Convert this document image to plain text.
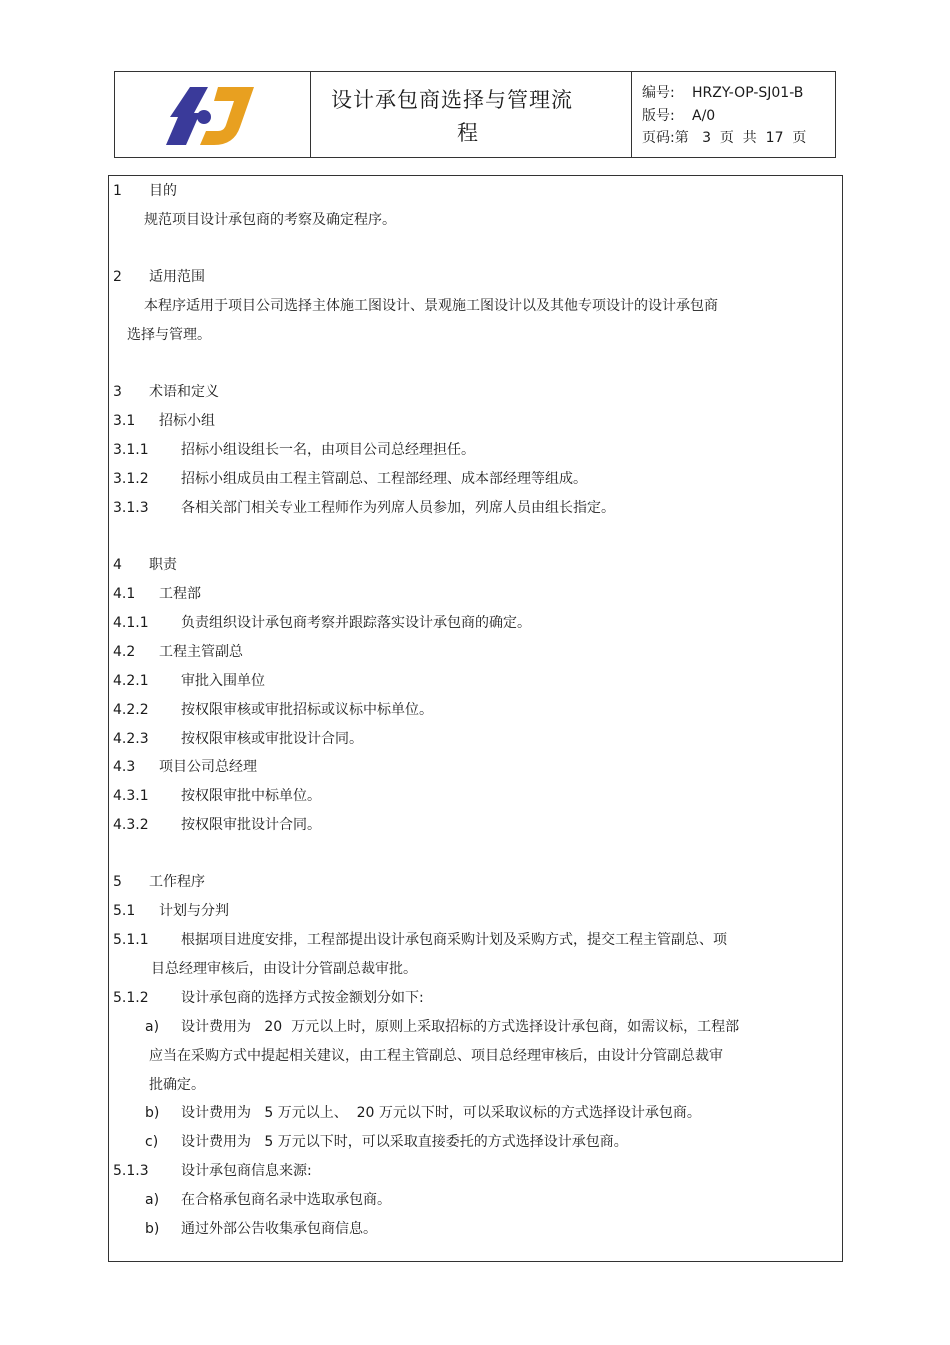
设计承包商选择与管理流
程
编号: HRZY-OP-SJ01-B
版号: A/0
页码:第   3  页  共  17  页
1 目的
规范项目设计承包商的考察及确定程序。
2 适用范围
本程序适用于项目公司选择主体施工图设计、景观施工图设计以及其他专项设计的设计承包商
选择与管理。
3 术语和定义
3.1 招标小组
3.1.1 招标小组设组长一名，由项目公司总经理担任。
3.1.2 招标小组成员由工程主管副总、工程部经理、成本部经理等组成。
3.1.3 各相关部门相关专业工程师作为列席人员参加，列席人员由组长指定。
4 职责
4.1 工程部
4.1.1 负责组织设计承包商考察并跟踪落实设计承包商的确定。
4.2 工程主管副总
4.2.1 审批入围单位
4.2.2 按权限审核或审批招标或议标中标单位。
4.2.3 按权限审核或审批设计合同。
4.3 项目公司总经理
4.3.1 按权限审批中标单位。
4.3.2 按权限审批设计合同。
5 工作程序
5.1 计划与分判
5.1.1 根据项目进度安排，工程部提出设计承包商采购计划及采购方式，提交工程主管副总、项
目总经理审核后，由设计分管副总裁审批。
5.1.2 设计承包商的选择方式按金额划分如下:
a) 设计费用为   20  万元以上时，原则上采取招标的方式选择设计承包商，如需议标，工程部
应当在采购方式中提起相关建议，由工程主管副总、项目总经理审核后，由设计分管副总裁审
批确定。
b) 设计费用为   5 万元以上、  20 万元以下时，可以采取议标的方式选择设计承包商。
c) 设计费用为   5 万元以下时，可以采取直接委托的方式选择设计承包商。
5.1.3 设计承包商信息来源:
a) 在合格承包商名录中选取承包商。
b) 通过外部公告收集承包商信息。
